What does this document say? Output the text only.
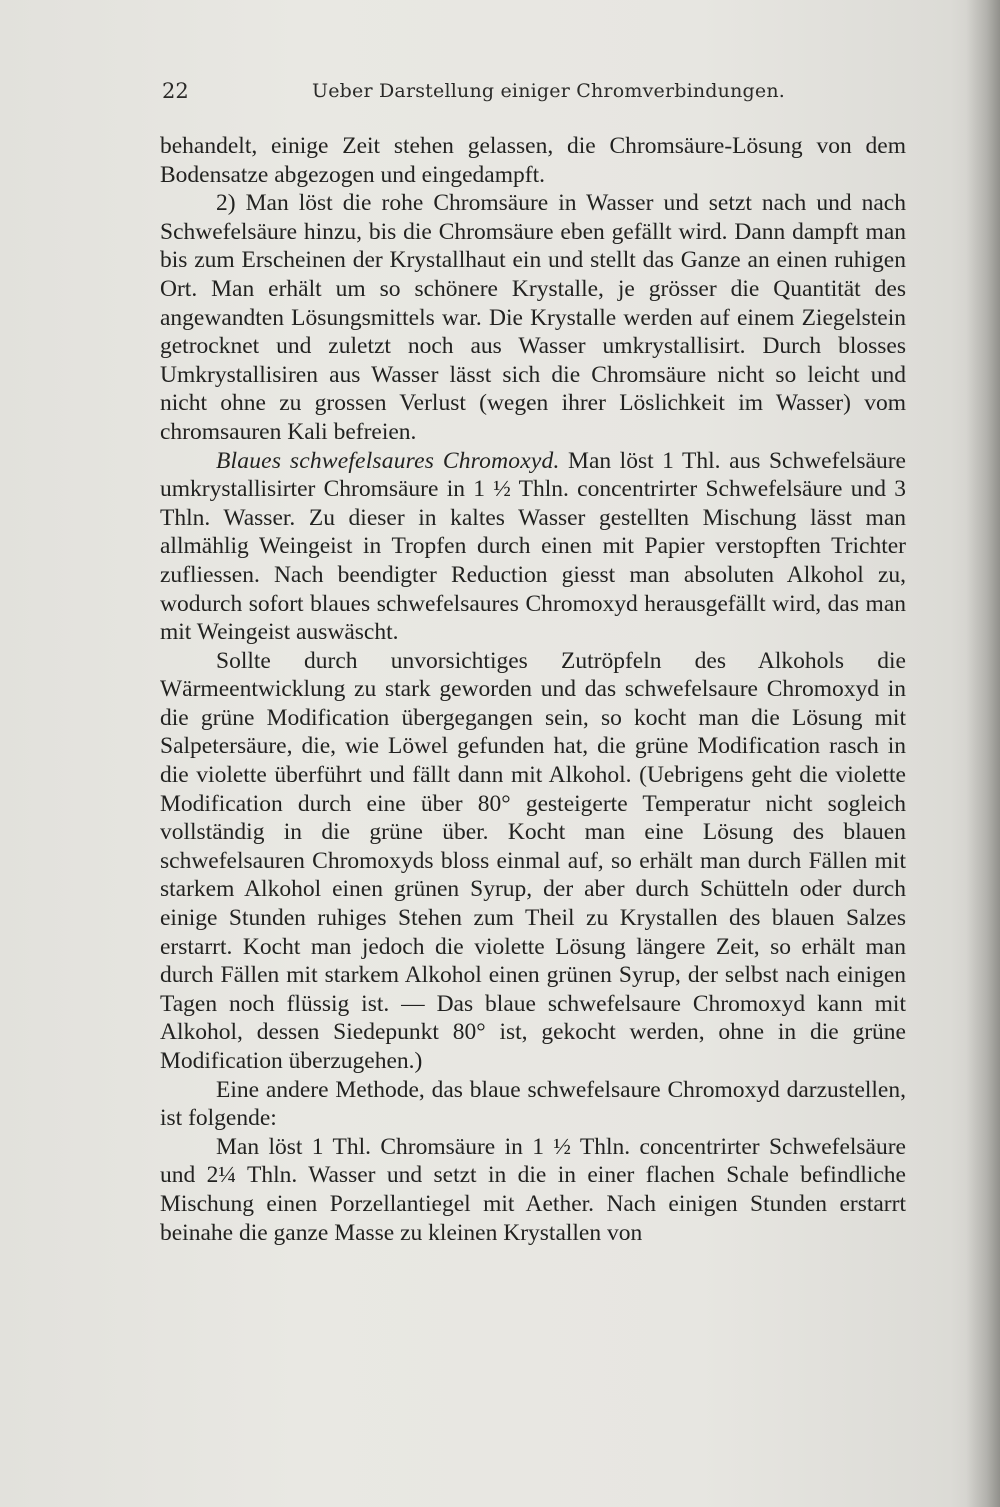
22	Ueber Darstellung einiger Chromverbindungen.

behandelt, einige Zeit stehen gelassen, die Chromsäure-Lösung von dem Bodensatze abgezogen und eingedampft.

2) Man löst die rohe Chromsäure in Wasser und setzt nach und nach Schwefelsäure hinzu, bis die Chromsäure eben gefällt wird. Dann dampft man bis zum Erscheinen der Krystallhaut ein und stellt das Ganze an einen ruhigen Ort. Man erhält um so schönere Krystalle, je grösser die Quantität des angewandten Lösungsmittels war. Die Krystalle werden auf einem Ziegelstein getrocknet und zuletzt noch aus Wasser umkrystallisirt. Durch blosses Umkrystallisiren aus Wasser lässt sich die Chromsäure nicht so leicht und nicht ohne zu grossen Verlust (wegen ihrer Löslichkeit im Wasser) vom chromsauren Kali befreien.

Blaues schwefelsaures Chromoxyd. Man löst 1 Thl. aus Schwefelsäure umkrystallisirter Chromsäure in 1 ½ Thln. concentrirter Schwefelsäure und 3 Thln. Wasser. Zu dieser in kaltes Wasser gestellten Mischung lässt man allmählig Weingeist in Tropfen durch einen mit Papier verstopften Trichter zufliessen. Nach beendigter Reduction giesst man absoluten Alkohol zu, wodurch sofort blaues schwefelsaures Chromoxyd herausgefällt wird, das man mit Weingeist auswäscht.

Sollte durch unvorsichtiges Zutröpfeln des Alkohols die Wärmeentwicklung zu stark geworden und das schwefelsaure Chromoxyd in die grüne Modification übergegangen sein, so kocht man die Lösung mit Salpetersäure, die, wie Löwel gefunden hat, die grüne Modification rasch in die violette überführt und fällt dann mit Alkohol. (Uebrigens geht die violette Modification durch eine über 80° gesteigerte Temperatur nicht sogleich vollständig in die grüne über. Kocht man eine Lösung des blauen schwefelsauren Chromoxyds bloss einmal auf, so erhält man durch Fällen mit starkem Alkohol einen grünen Syrup, der aber durch Schütteln oder durch einige Stunden ruhiges Stehen zum Theil zu Krystallen des blauen Salzes erstarrt. Kocht man jedoch die violette Lösung längere Zeit, so erhält man durch Fällen mit starkem Alkohol einen grünen Syrup, der selbst nach einigen Tagen noch flüssig ist. — Das blaue schwefelsaure Chromoxyd kann mit Alkohol, dessen Siedepunkt 80° ist, gekocht werden, ohne in die grüne Modification überzugehen.)

Eine andere Methode, das blaue schwefelsaure Chromoxyd darzustellen, ist folgende:

Man löst 1 Thl. Chromsäure in 1 ½ Thln. concentrirter Schwefelsäure und 2¼ Thln. Wasser und setzt in die in einer flachen Schale befindliche Mischung einen Porzellantiegel mit Aether. Nach einigen Stunden erstarrt beinahe die ganze Masse zu kleinen Krystallen von
